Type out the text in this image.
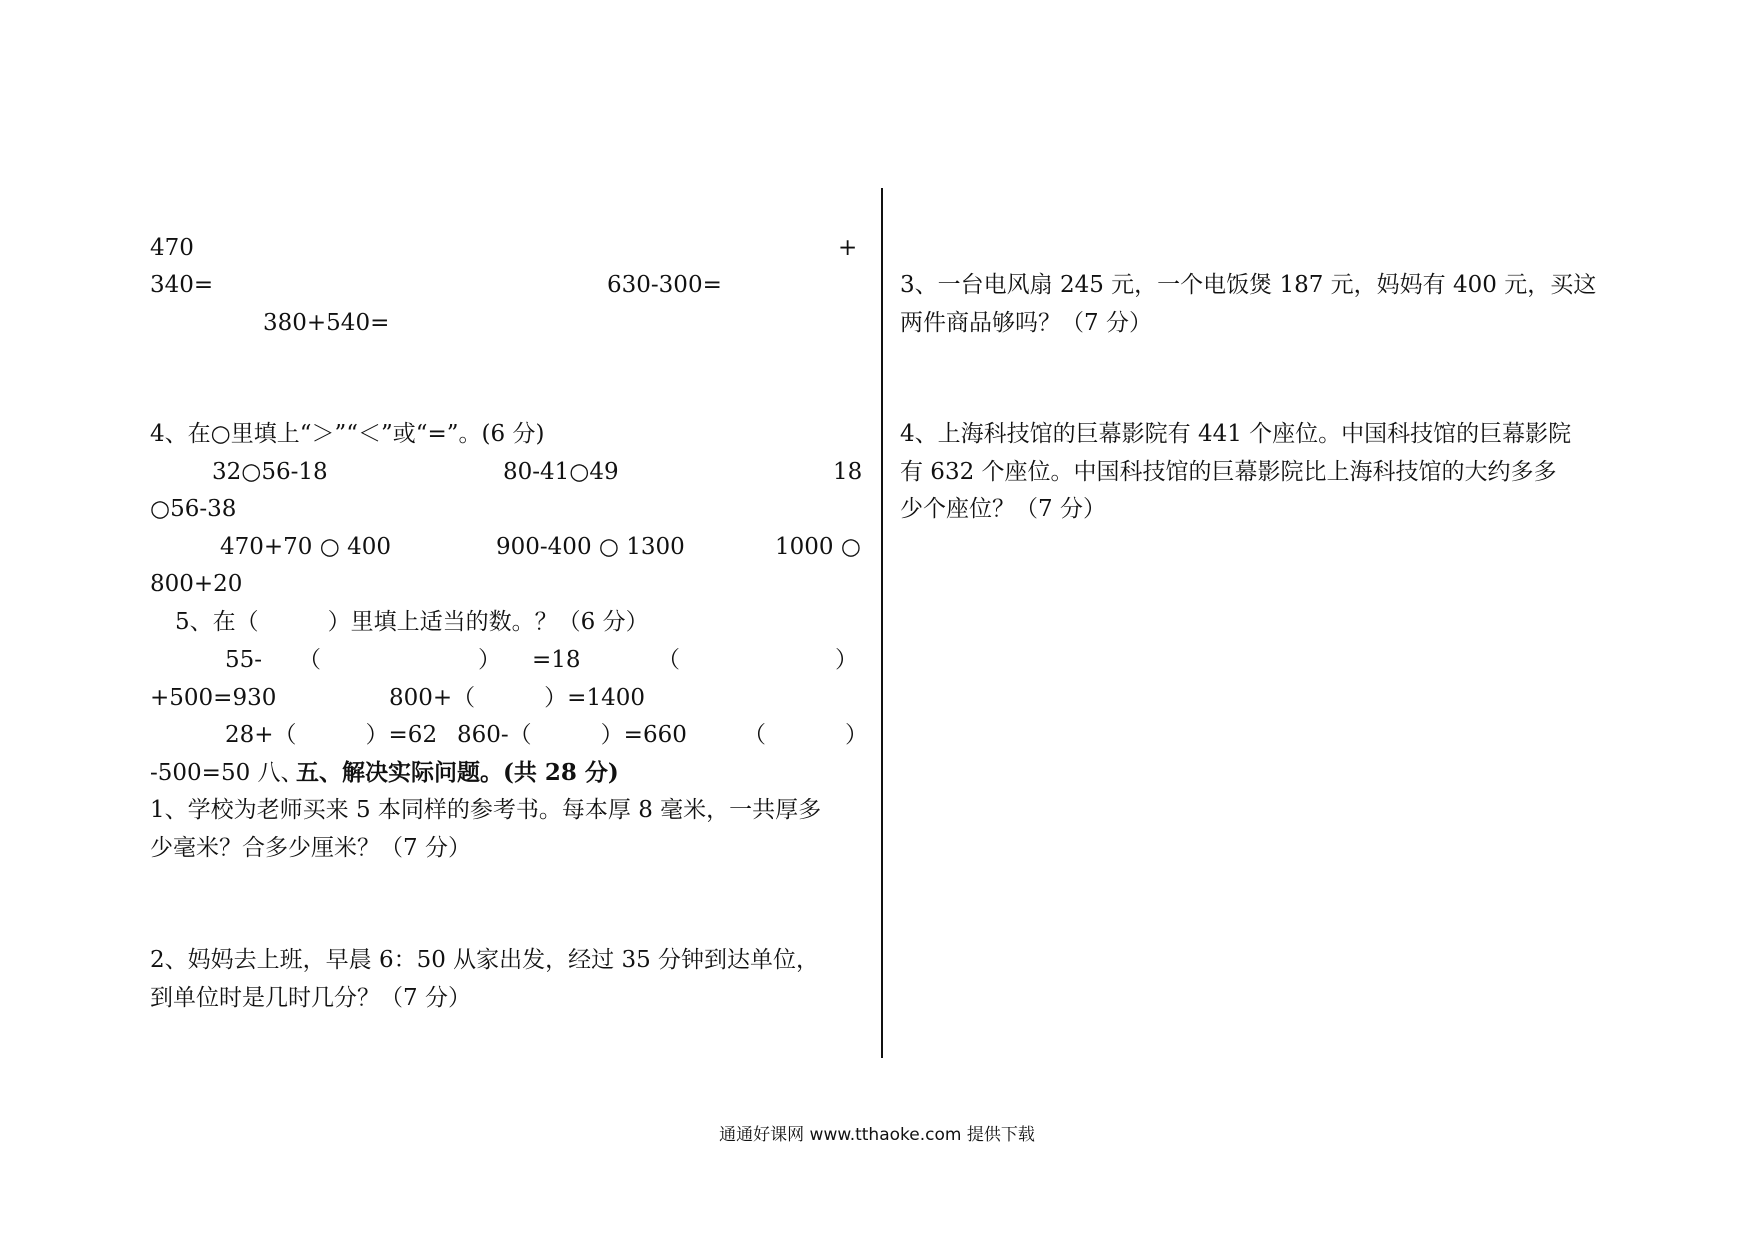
470	+
340=	630-300=
380+540=
4、在○里填上“＞”“＜”或“=”。(6 分)
32○56-18	80-41○49	18
○56-38
470+70 ○ 400	900-400 ○ 1300	1000 ○
800+20
5、在（　　　）里填上适当的数。？（6 分）
55- （	） =18	（	）
+500=930	800+（　　　）=1400
28+（　　　）=62 860-（　　　）=660 （	）
-500=50 八、
五、解决实际问题。(共 28 分)
1、学校为老师买来 5 本同样的参考书。每本厚 8 毫米，一共厚多
少毫米？合多少厘米？（7 分）
2、妈妈去上班，早晨 6：50 从家出发，经过 35 分钟到达单位，
到单位时是几时几分？（7 分）
3、一台电风扇 245 元，一个电饭煲 187 元，妈妈有 400 元，买这
两件商品够吗？（7 分）
4、上海科技馆的巨幕影院有 441 个座位。中国科技馆的巨幕影院
有 632 个座位。中国科技馆的巨幕影院比上海科技馆的大约多多
少个座位？（7 分）
通通好课网 www.tthaoke.com 提供下载
